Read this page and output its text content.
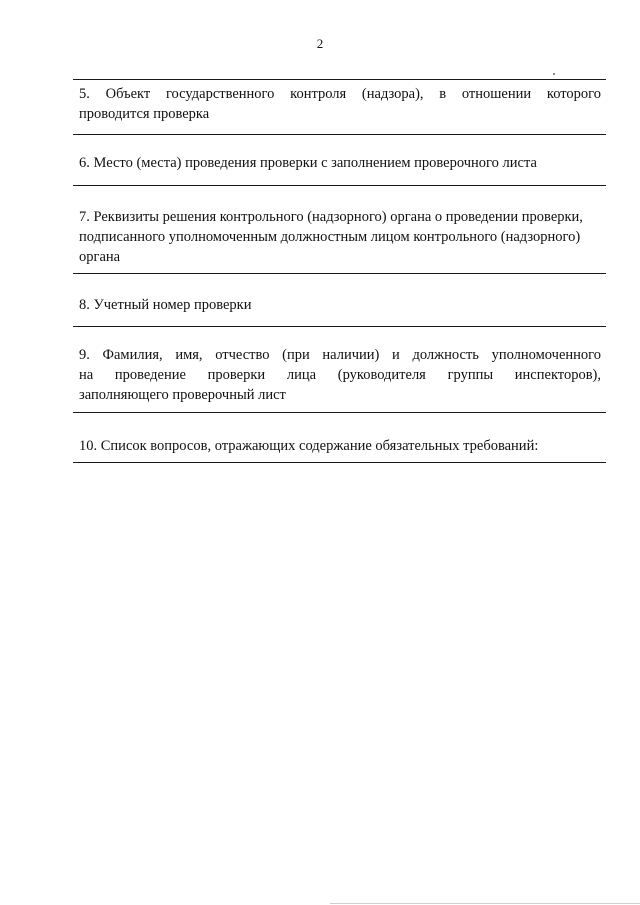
2
5. Объект государственного контроля (надзора), в отношении которого
проводится проверка
6. Место (места) проведения проверки с заполнением проверочного листа
7. Реквизиты решения контрольного (надзорного) органа о проведении проверки, подписанного уполномоченным должностным лицом контрольного (надзорного) органа
8. Учетный номер проверки
9. Фамилия, имя, отчество (при наличии) и должность уполномоченного
на проведение проверки лица (руководителя группы инспекторов),
заполняющего проверочный лист
10. Список вопросов, отражающих содержание обязательных требований:
